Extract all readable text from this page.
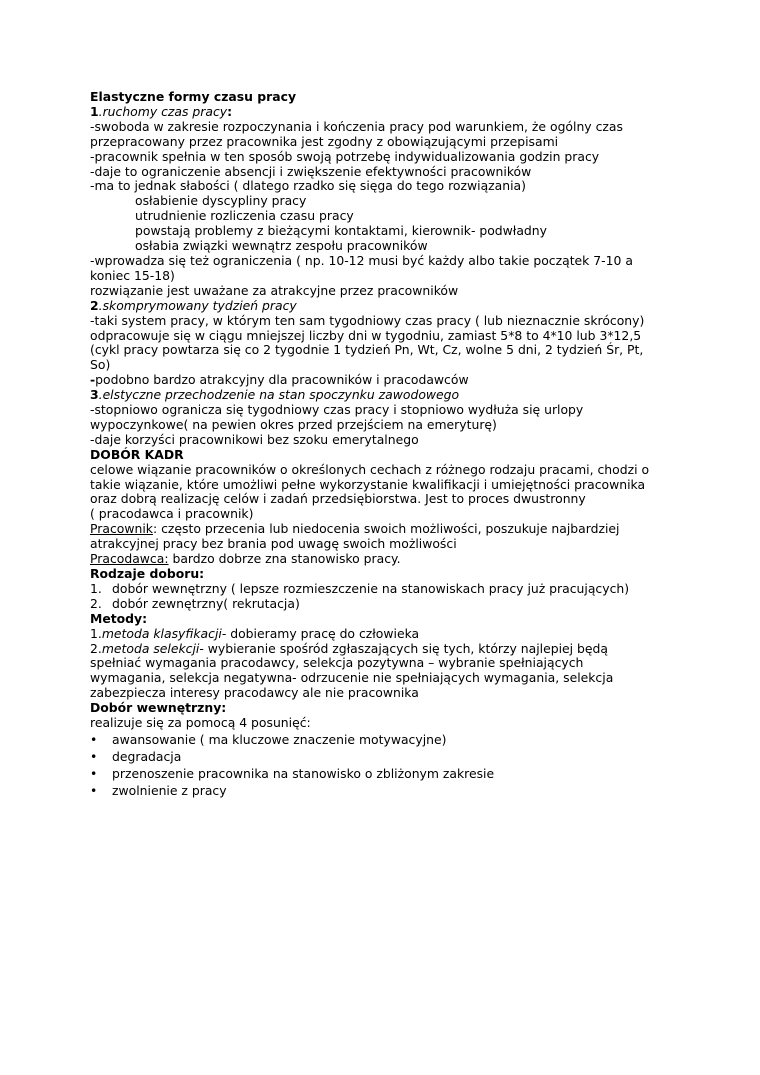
Elastyczne formy czasu pracy
1.ruchomy czas pracy:
-swoboda w zakresie rozpoczynania i kończenia pracy pod warunkiem, że ogólny czas
przepracowany przez pracownika jest zgodny z obowiązującymi przepisami
-pracownik spełnia w ten sposób swoją potrzebę indywidualizowania godzin pracy
-daje to ograniczenie absencji i zwiększenie efektywności pracowników
-ma to jednak słabości ( dlatego rzadko się sięga do tego rozwiązania)
osłabienie dyscypliny pracy
utrudnienie rozliczenia czasu pracy
powstają problemy z bieżącymi kontaktami, kierownik- podwładny
osłabia związki wewnątrz zespołu pracowników
-wprowadza się też ograniczenia ( np. 10-12 musi być każdy albo takie początek 7-10 a
koniec 15-18)
rozwiązanie jest uważane za atrakcyjne przez pracowników
2.skomprymowany tydzień pracy
-taki system pracy, w którym ten sam tygodniowy czas pracy ( lub nieznacznie skrócony)
odpracowuje się w ciągu mniejszej liczby dni w tygodniu, zamiast 5*8 to 4*10 lub 3*12,5
(cykl pracy powtarza się co 2 tygodnie 1 tydzień Pn, Wt, Cz, wolne 5 dni, 2 tydzień Śr, Pt,
So)
-podobno bardzo atrakcyjny dla pracowników i pracodawców
3.elstyczne przechodzenie na stan spoczynku zawodowego
-stopniowo ogranicza się tygodniowy czas pracy i stopniowo wydłuża się urlopy
wypoczynkowe( na pewien okres przed przejściem na emeryturę)
-daje korzyści pracownikowi bez szoku emerytalnego
DOBÓR KADR
celowe wiązanie pracowników o określonych cechach z różnego rodzaju pracami, chodzi o
takie wiązanie, które umożliwi pełne wykorzystanie kwalifikacji i umiejętności pracownika
oraz dobrą realizację celów i zadań przedsiębiorstwa. Jest to proces dwustronny
( pracodawca i pracownik)
Pracownik: często przecenia lub niedocenia swoich możliwości, poszukuje najbardziej
atrakcyjnej pracy bez brania pod uwagę swoich możliwości
Pracodawca: bardzo dobrze zna stanowisko pracy.
Rodzaje doboru:
1. dobór wewnętrzny ( lepsze rozmieszczenie na stanowiskach pracy już pracujących)
2. dobór zewnętrzny( rekrutacja)
Metody:
1.metoda klasyfikacji- dobieramy pracę do człowieka
2.metoda selekcji- wybieranie spośród zgłaszających się tych, którzy najlepiej będą
spełniać wymagania pracodawcy, selekcja pozytywna – wybranie spełniających
wymagania, selekcja negatywna- odrzucenie nie spełniających wymagania, selekcja
zabezpiecza interesy pracodawcy ale nie pracownika
Dobór wewnętrzny:
realizuje się za pomocą 4 posunięć:
• awansowanie ( ma kluczowe znaczenie motywacyjne)
• degradacja
• przenoszenie pracownika na stanowisko o zbliżonym zakresie
• zwolnienie z pracy
